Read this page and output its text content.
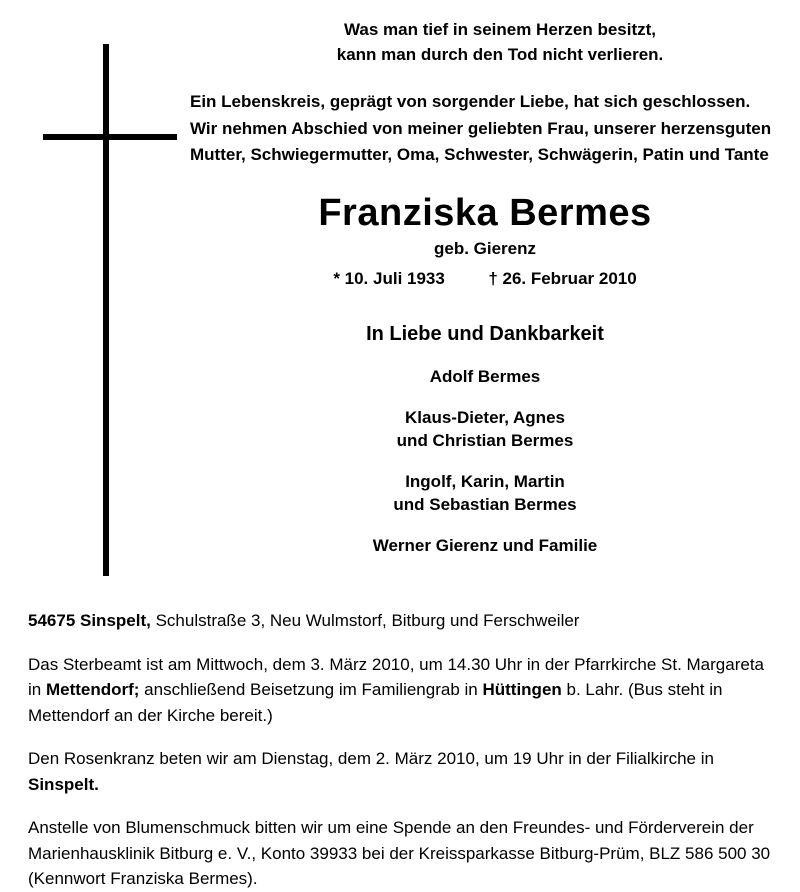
Was man tief in seinem Herzen besitzt,
kann man durch den Tod nicht verlieren.

Ein Lebenskreis, geprägt von sorgender Liebe, hat sich geschlossen. Wir nehmen Abschied von meiner geliebten Frau, unserer herzensguten Mutter, Schwiegermutter, Oma, Schwester, Schwägerin, Patin und Tante

Franziska Bermes
geb. Gierenz
* 10. Juli 1933	† 26. Februar 2010
In Liebe und Dankbarkeit
Adolf Bermes
Klaus-Dieter, Agnes
und Christian Bermes
Ingolf, Karin, Martin
und Sebastian Bermes
Werner Gierenz und Familie

54675 Sinspelt, Schulstraße 3, Neu Wulmstorf, Bitburg und Ferschweiler

Das Sterbeamt ist am Mittwoch, dem 3. März 2010, um 14.30 Uhr in der Pfarrkirche St. Margareta in Mettendorf; anschließend Beisetzung im Familiengrab in Hüttingen b. Lahr. (Bus steht in Mettendorf an der Kirche bereit.)

Den Rosenkranz beten wir am Dienstag, dem 2. März 2010, um 19 Uhr in der Filialkirche in Sinspelt.

Anstelle von Blumenschmuck bitten wir um eine Spende an den Freundes- und Förderverein der Marienhausklinik Bitburg e. V., Konto 39933 bei der Kreissparkasse Bitburg-Prüm, BLZ 586 500 30 (Kennwort Franziska Bermes).
